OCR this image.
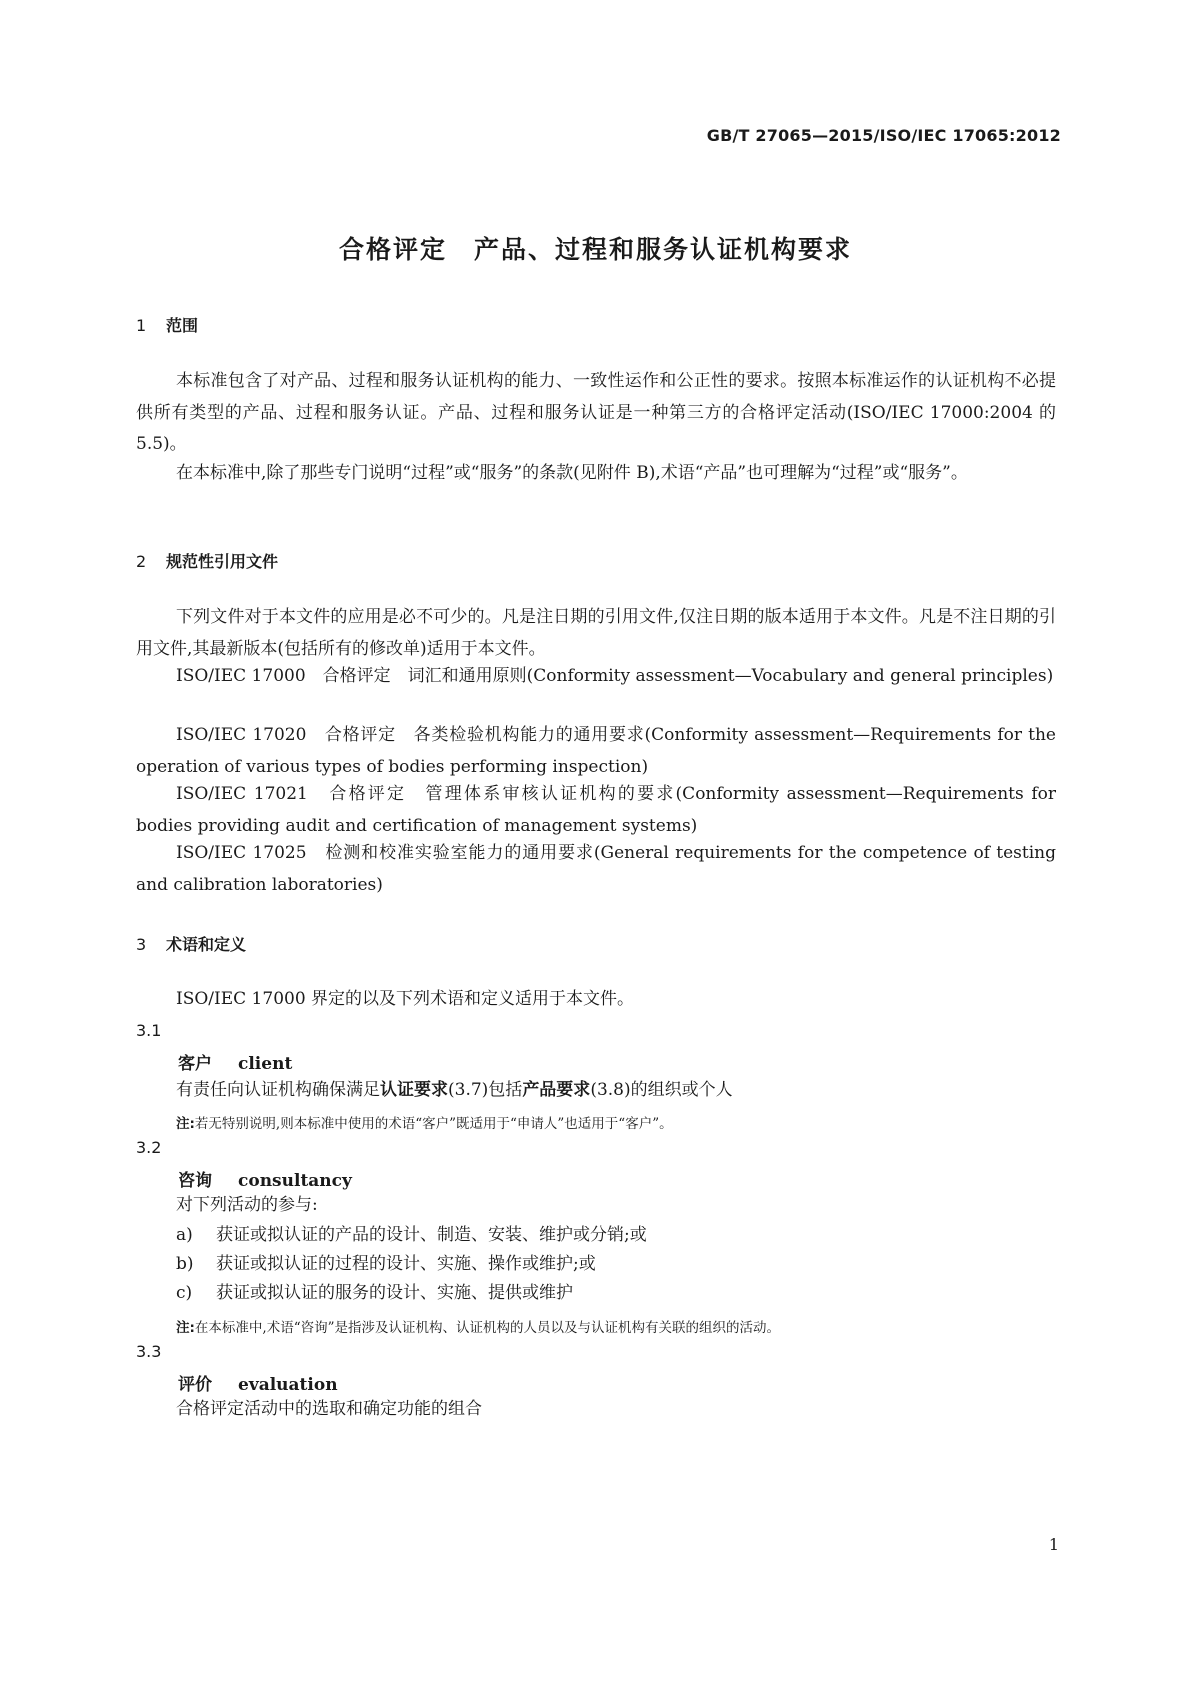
GB/T 27065—2015/ISO/IEC 17065:2012
合格评定　产品、过程和服务认证机构要求
1 范围
本标准包含了对产品、过程和服务认证机构的能力、一致性运作和公正性的要求。按照本标准运作的认证机构不必提供所有类型的产品、过程和服务认证。产品、过程和服务认证是一种第三方的合格评定活动(ISO/IEC 17000:2004 的 5.5)。
在本标准中,除了那些专门说明“过程”或“服务”的条款(见附件 B),术语“产品”也可理解为“过程”或“服务”。
2 规范性引用文件
下列文件对于本文件的应用是必不可少的。凡是注日期的引用文件,仅注日期的版本适用于本文件。凡是不注日期的引用文件,其最新版本(包括所有的修改单)适用于本文件。
ISO/IEC 17000　合格评定　词汇和通用原则(Conformity assessment—Vocabulary and general principles)
ISO/IEC 17020　合格评定　各类检验机构能力的通用要求(Conformity assessment—Requirements for the operation of various types of bodies performing inspection)
ISO/IEC 17021　合格评定　管理体系审核认证机构的要求(Conformity assessment—Requirements for bodies providing audit and certification of management systems)
ISO/IEC 17025　检测和校准实验室能力的通用要求(General requirements for the competence of testing and calibration laboratories)
3 术语和定义
ISO/IEC 17000 界定的以及下列术语和定义适用于本文件。
3.1
客户 client
有责任向认证机构确保满足认证要求(3.7)包括产品要求(3.8)的组织或个人
注:若无特别说明,则本标准中使用的术语“客户”既适用于“申请人”也适用于“客户”。
3.2
咨询 consultancy
对下列活动的参与:
a) 获证或拟认证的产品的设计、制造、安装、维护或分销;或
b) 获证或拟认证的过程的设计、实施、操作或维护;或
c) 获证或拟认证的服务的设计、实施、提供或维护
注:在本标准中,术语“咨询”是指涉及认证机构、认证机构的人员以及与认证机构有关联的组织的活动。
3.3
评价 evaluation
合格评定活动中的选取和确定功能的组合
1
